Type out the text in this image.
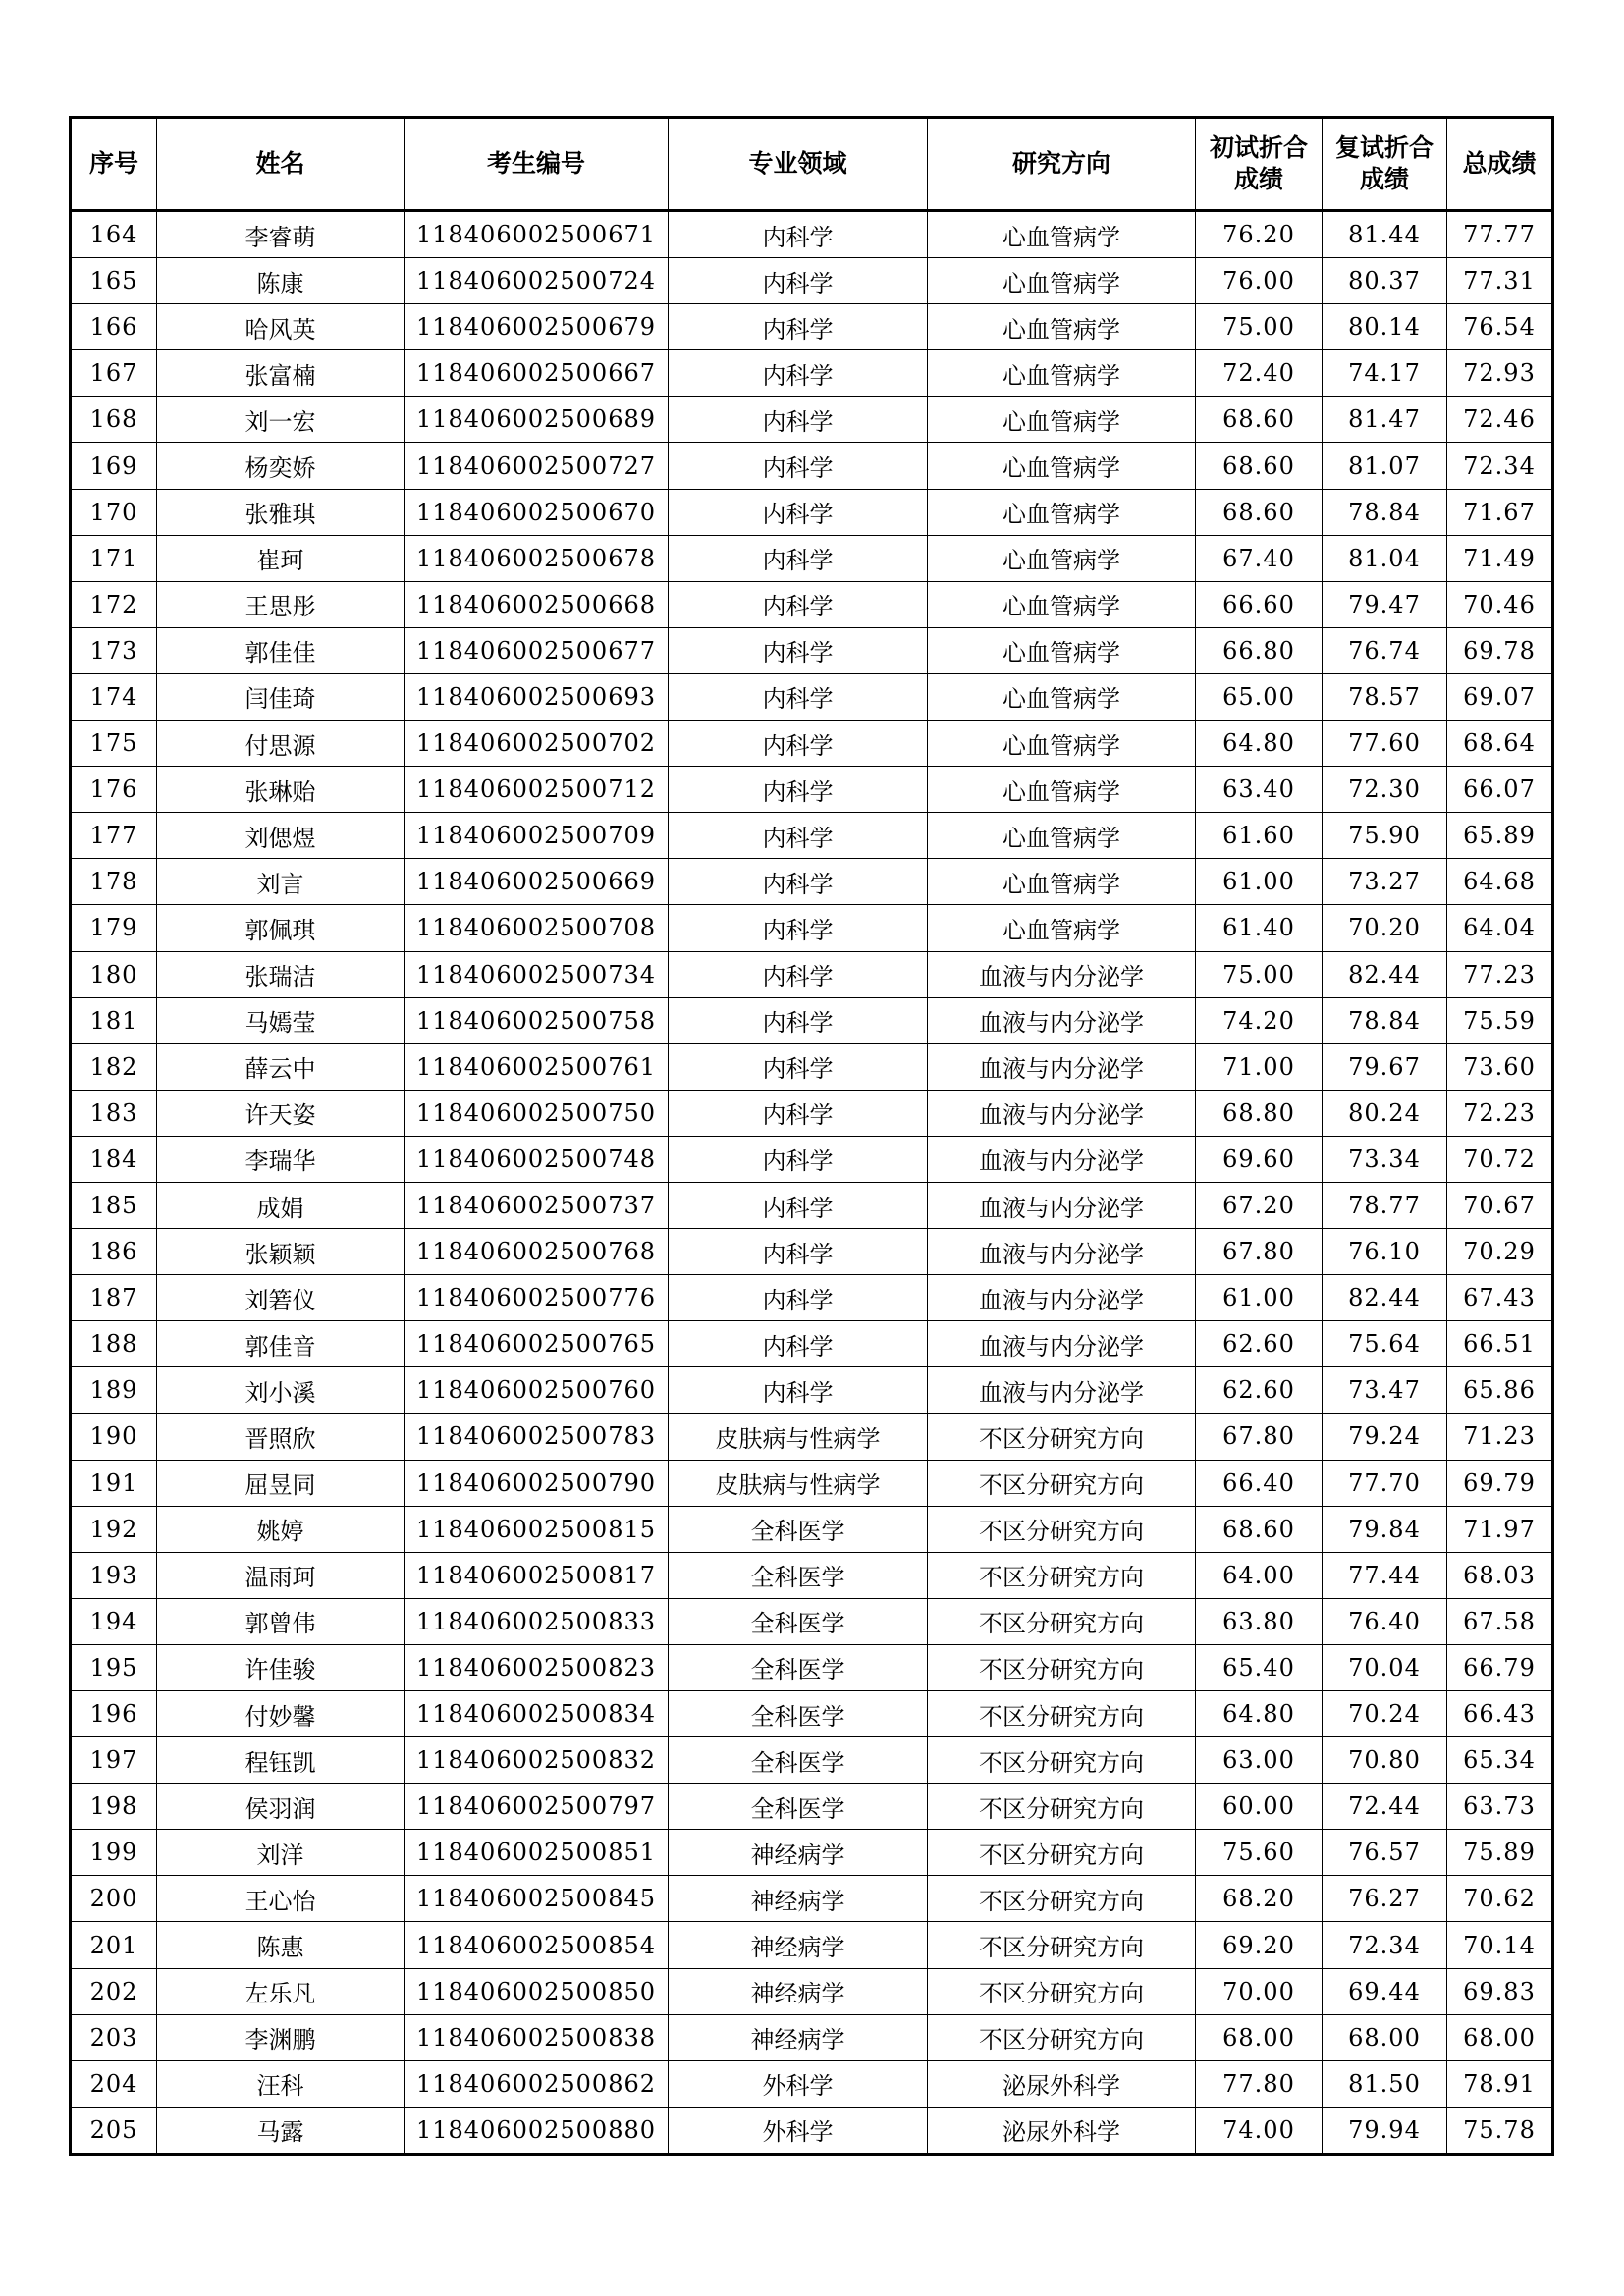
序号	姓名	考生编号	专业领域	研究方向	初试折合成绩	复试折合成绩	总成绩
164	李睿萌	118406002500671	内科学	心血管病学	76.20	81.44	77.77
165	陈康	118406002500724	内科学	心血管病学	76.00	80.37	77.31
166	哈风英	118406002500679	内科学	心血管病学	75.00	80.14	76.54
167	张富楠	118406002500667	内科学	心血管病学	72.40	74.17	72.93
168	刘一宏	118406002500689	内科学	心血管病学	68.60	81.47	72.46
169	杨奕娇	118406002500727	内科学	心血管病学	68.60	81.07	72.34
170	张雅琪	118406002500670	内科学	心血管病学	68.60	78.84	71.67
171	崔珂	118406002500678	内科学	心血管病学	67.40	81.04	71.49
172	王思彤	118406002500668	内科学	心血管病学	66.60	79.47	70.46
173	郭佳佳	118406002500677	内科学	心血管病学	66.80	76.74	69.78
174	闫佳琦	118406002500693	内科学	心血管病学	65.00	78.57	69.07
175	付思源	118406002500702	内科学	心血管病学	64.80	77.60	68.64
176	张琳贻	118406002500712	内科学	心血管病学	63.40	72.30	66.07
177	刘偲煜	118406002500709	内科学	心血管病学	61.60	75.90	65.89
178	刘言	118406002500669	内科学	心血管病学	61.00	73.27	64.68
179	郭佩琪	118406002500708	内科学	心血管病学	61.40	70.20	64.04
180	张瑞洁	118406002500734	内科学	血液与内分泌学	75.00	82.44	77.23
181	马嫣莹	118406002500758	内科学	血液与内分泌学	74.20	78.84	75.59
182	薛云中	118406002500761	内科学	血液与内分泌学	71.00	79.67	73.60
183	许天姿	118406002500750	内科学	血液与内分泌学	68.80	80.24	72.23
184	李瑞华	118406002500748	内科学	血液与内分泌学	69.60	73.34	70.72
185	成娟	118406002500737	内科学	血液与内分泌学	67.20	78.77	70.67
186	张颖颖	118406002500768	内科学	血液与内分泌学	67.80	76.10	70.29
187	刘箬仪	118406002500776	内科学	血液与内分泌学	61.00	82.44	67.43
188	郭佳音	118406002500765	内科学	血液与内分泌学	62.60	75.64	66.51
189	刘小溪	118406002500760	内科学	血液与内分泌学	62.60	73.47	65.86
190	晋照欣	118406002500783	皮肤病与性病学	不区分研究方向	67.80	79.24	71.23
191	屈昱同	118406002500790	皮肤病与性病学	不区分研究方向	66.40	77.70	69.79
192	姚婷	118406002500815	全科医学	不区分研究方向	68.60	79.84	71.97
193	温雨珂	118406002500817	全科医学	不区分研究方向	64.00	77.44	68.03
194	郭曾伟	118406002500833	全科医学	不区分研究方向	63.80	76.40	67.58
195	许佳骏	118406002500823	全科医学	不区分研究方向	65.40	70.04	66.79
196	付妙馨	118406002500834	全科医学	不区分研究方向	64.80	70.24	66.43
197	程钰凯	118406002500832	全科医学	不区分研究方向	63.00	70.80	65.34
198	侯羽润	118406002500797	全科医学	不区分研究方向	60.00	72.44	63.73
199	刘洋	118406002500851	神经病学	不区分研究方向	75.60	76.57	75.89
200	王心怡	118406002500845	神经病学	不区分研究方向	68.20	76.27	70.62
201	陈惠	118406002500854	神经病学	不区分研究方向	69.20	72.34	70.14
202	左乐凡	118406002500850	神经病学	不区分研究方向	70.00	69.44	69.83
203	李渊鹏	118406002500838	神经病学	不区分研究方向	68.00	68.00	68.00
204	汪科	118406002500862	外科学	泌尿外科学	77.80	81.50	78.91
205	马露	118406002500880	外科学	泌尿外科学	74.00	79.94	75.78
